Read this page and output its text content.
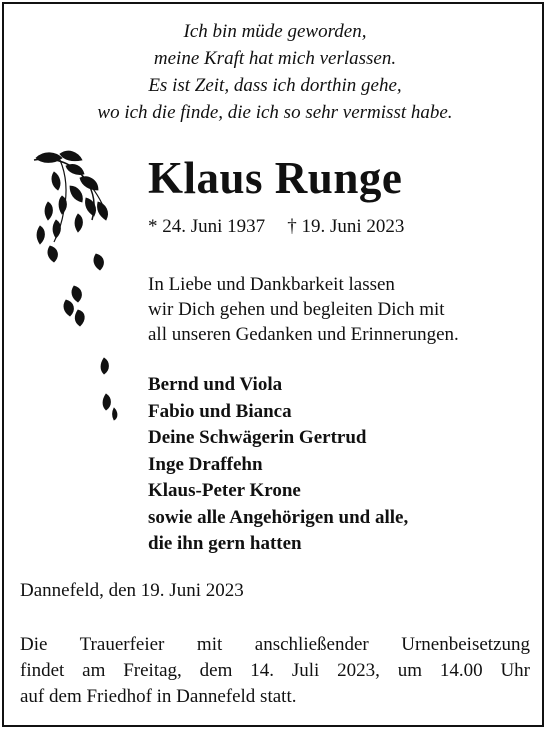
Ich bin müde geworden,
meine Kraft hat mich verlassen.
Es ist Zeit, dass ich dorthin gehe,
wo ich die finde, die ich so sehr vermisst habe.
Klaus Runge
* 24. Juni 1937 † 19. Juni 2023
In Liebe und Dankbarkeit lassen
wir Dich gehen und begleiten Dich mit
all unseren Gedanken und Erinnerungen.
Bernd und Viola
Fabio und Bianca
Deine Schwägerin Gertrud
Inge Draffehn
Klaus-Peter Krone
sowie alle Angehörigen und alle,
die ihn gern hatten
Dannefeld, den 19. Juni 2023
Die Trauerfeier mit anschließender Urnenbeisetzung
findet am Freitag, dem 14. Juli 2023, um 14.00 Uhr
auf dem Friedhof in Dannefeld statt.
